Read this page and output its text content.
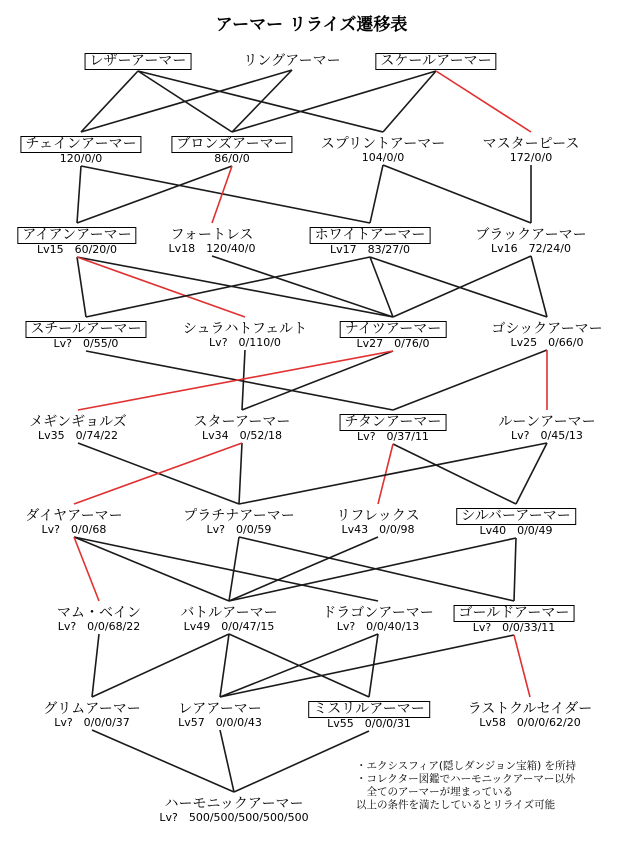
アーマー リライズ遷移表
レザーアーマー	リングアーマー	スケールアーマー
チェインアーマー
120/0/0
ブロンズアーマー
86/0/0
スプリントアーマー
104/0/0
マスターピース
172/0/0
アイアンアーマー
Lv15　60/20/0
フォートレス
Lv18　120/40/0
ホワイトアーマー
Lv17　83/27/0
ブラックアーマー
Lv16　72/24/0
スチールアーマー
Lv?　0/55/0
シュラハトフェルト
Lv?　0/110/0
ナイツアーマー
Lv27　0/76/0
ゴシックアーマー
Lv25　0/66/0
メギンギョルズ
Lv35　0/74/22
スターアーマー
Lv34　0/52/18
チタンアーマー
Lv?　0/37/11
ルーンアーマー
Lv?　0/45/13
ダイヤアーマー
Lv?　0/0/68
プラチナアーマー
Lv?　0/0/59
リフレックス
Lv43　0/0/98
シルバーアーマー
Lv40　0/0/49
マム・ベイン
Lv?　0/0/68/22
バトルアーマー
Lv49　0/0/47/15
ドラゴンアーマー
Lv?　0/0/40/13
ゴールドアーマー
Lv?　0/0/33/11
グリムアーマー
Lv?　0/0/0/37
レアアーマー
Lv57　0/0/0/43
ミスリルアーマー
Lv55　0/0/0/31
ラストクルセイダー
Lv58　0/0/0/62/20
ハーモニックアーマー
Lv?　500/500/500/500/500
・エクシスフィア(隠しダンジョン宝箱) を所持
・コレクター図鑑でハーモニックアーマー以外
　全てのアーマーが埋まっている
以上の条件を満たしているとリライズ可能
